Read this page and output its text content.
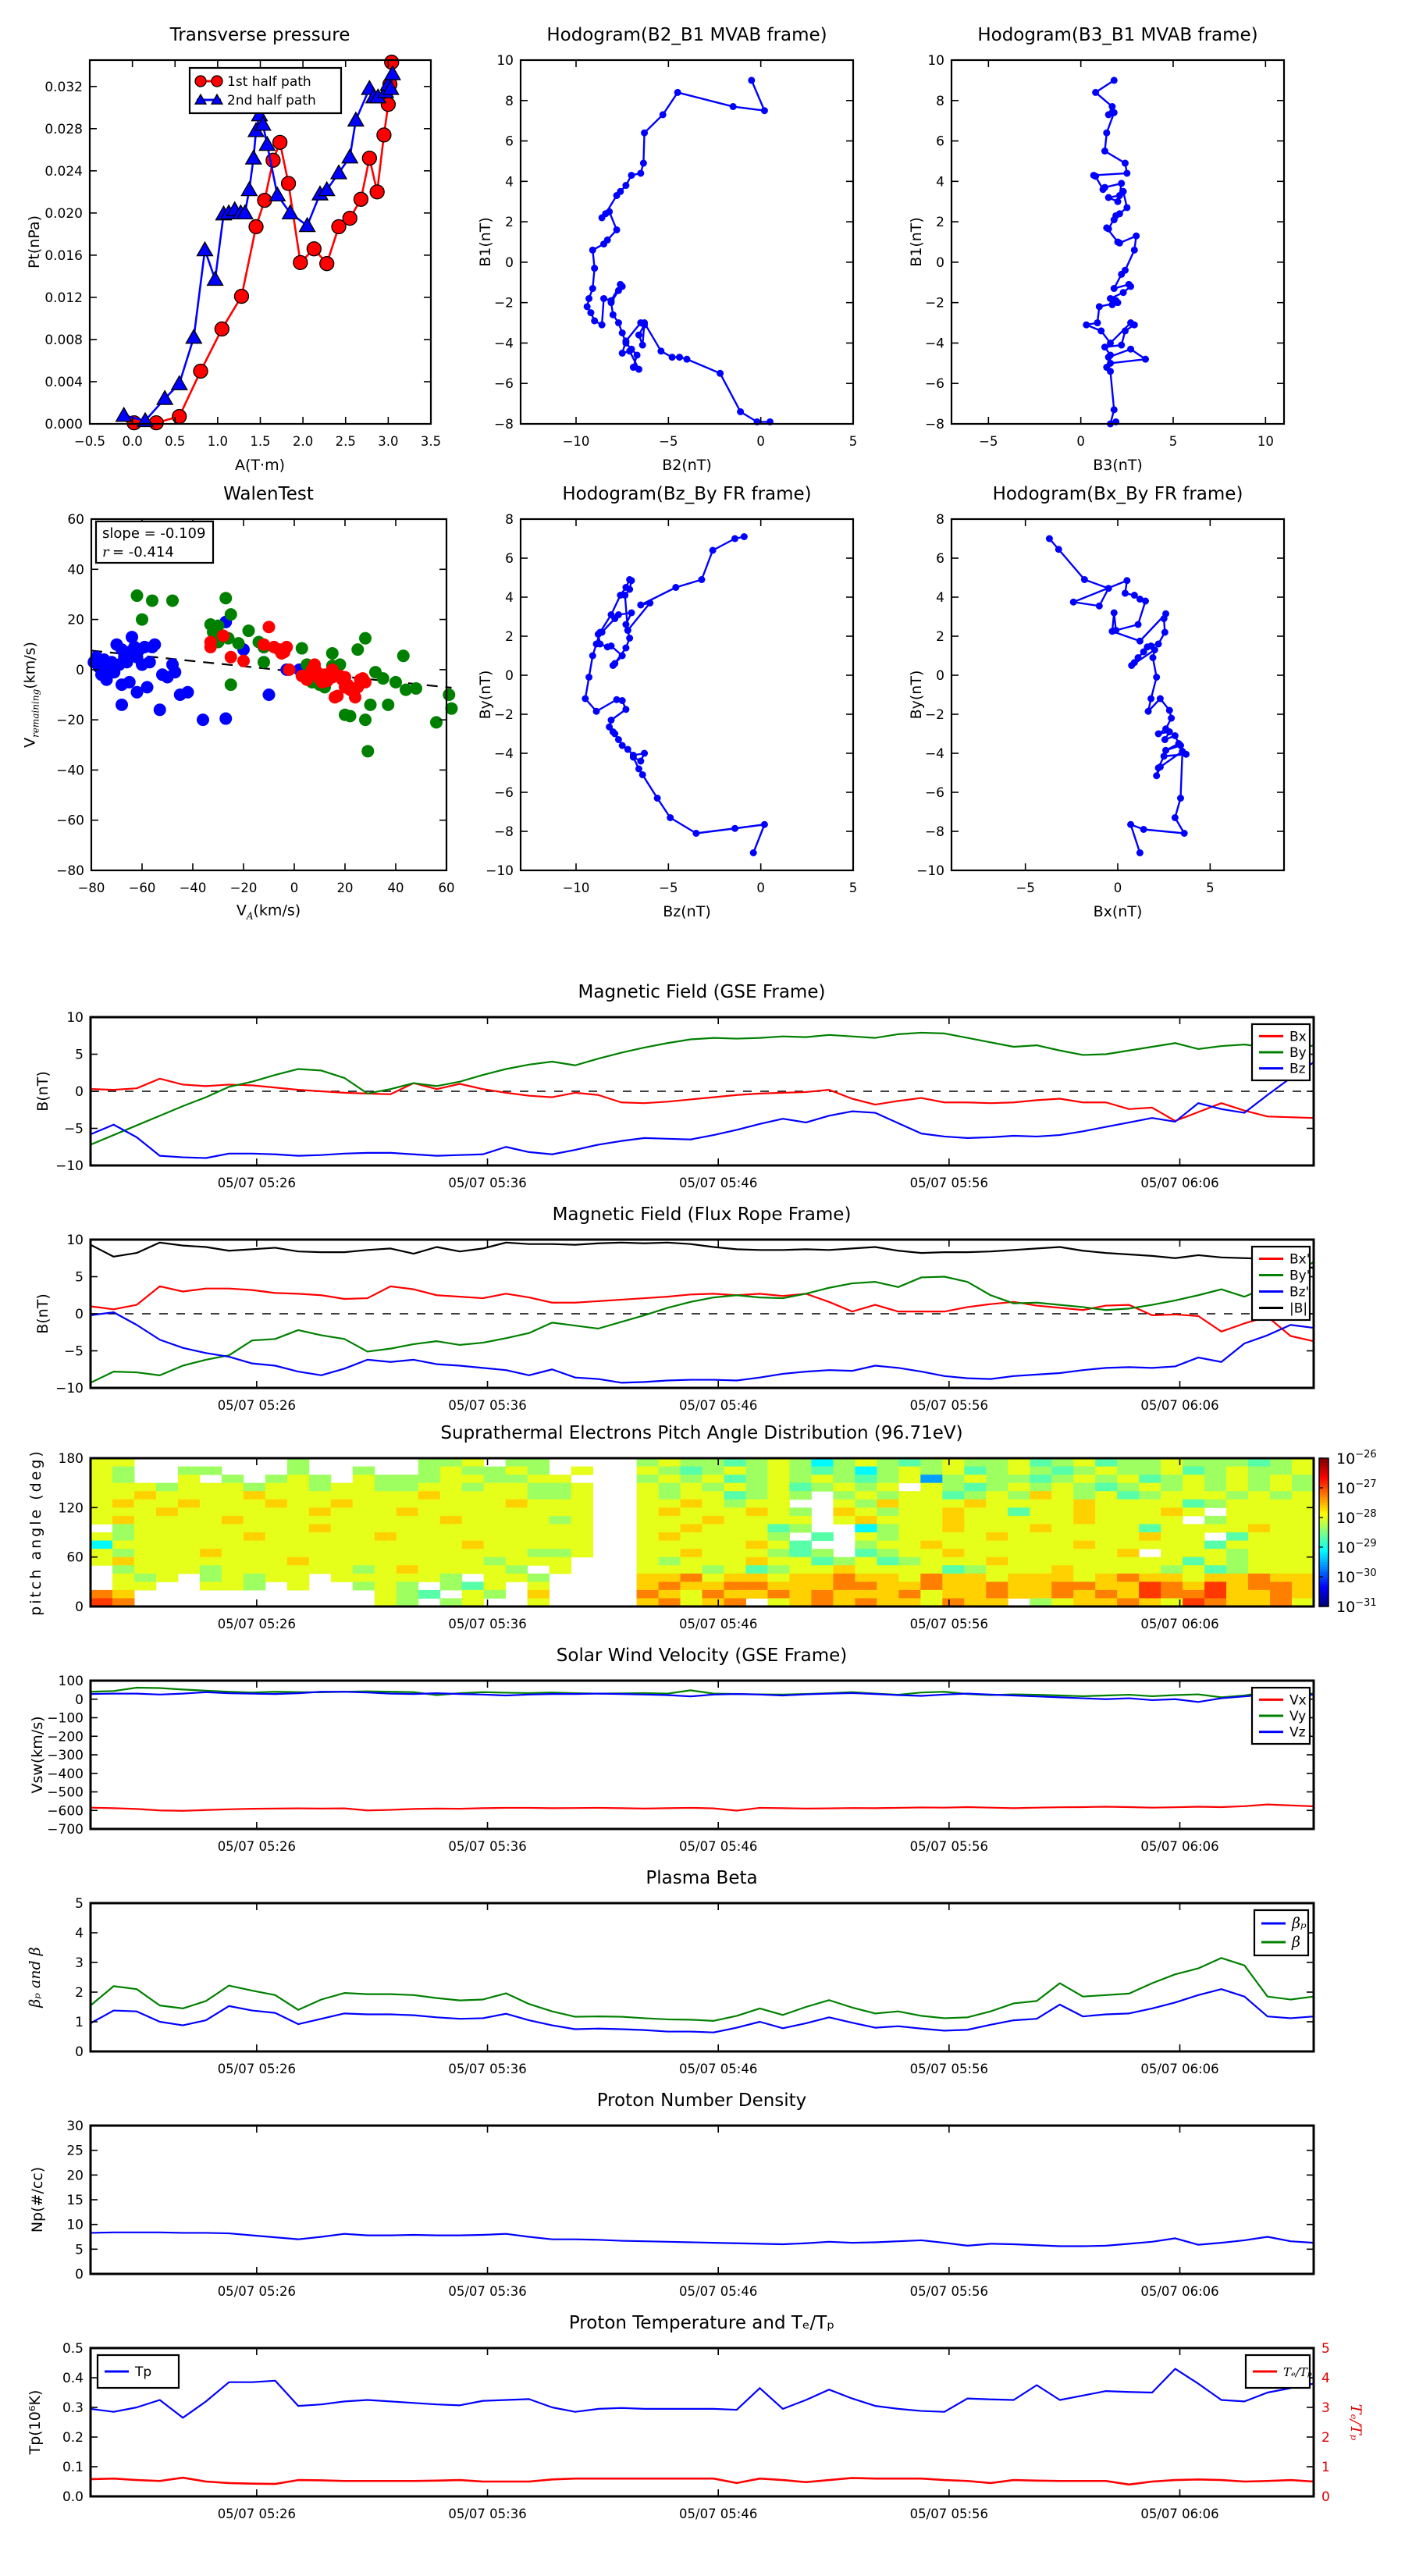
−0.5 0.0 0.5 1.0 1.5 2.0 2.5 3.0 3.5
0.000
0.004
0.008
0.012
0.016
0.020
0.024
0.028
0.032	1st half path
2nd half path
−10	−5	0	5
−8
−6
−4
−2
0
2
4
6
8
10
−5	0	5	10
−8
−6
−4
−2
0
2
4
6
8
10
−80 −60 −40 −20	0	20	40	60
−80
−60
−40
−20
0
20
40
60
slope = -0.109
r = -0.414
−10	−5	0	5
−10
−8
−6
−4
−2
0
2
4
6
8
−5	0	5
−10
−8
−6
−4
−2
0
2
4
6
8
05/07 05:26	05/07 05:36	05/07 05:46	05/07 05:56	05/07 06:06
−10
−5
0
5
10
Bx
By
Bz
05/07 05:26	05/07 05:36	05/07 05:46	05/07 05:56	05/07 06:06
−10
−5
0
5
10
Bx'
By'
Bz'
|B|
$10^{-26}$
$10^{-27}$
$10^{-28}$
$10^{-29}$
$10^{-30}$
$10^{-31}$
05/07 05:26	05/07 05:36	05/07 05:46	05/07 05:56	05/07 06:06
0
60
120
180
05/07 05:26	05/07 05:36	05/07 05:46	05/07 05:56	05/07 06:06
100
0
−100
−200
−300
−400
−500
−600
−700
Vx
Vy
Vz
05/07 05:26	05/07 05:36	05/07 05:46	05/07 05:56	05/07 06:06
0
1
2
3
4
5
βₚ
β
05/07 05:26	05/07 05:36	05/07 05:46	05/07 05:56	05/07 06:06
0
5
10
15
20
25
30
05/07 05:26	05/07 05:36	05/07 05:46	05/07 05:56	05/07 06:06
0.0
0.1
0.2
0.3
0.4
0.5
0
1
2
3
4
5
Tp	Tₑ/Tₚ
Transverse pressure	Hodogram(B2_B1 MVAB frame)	Hodogram(B3_B1 MVAB frame)
WalenTest	Hodogram(Bz_By FR frame)	Hodogram(Bx_By FR frame)
Magnetic Field (GSE Frame)
Magnetic Field (Flux Rope Frame)
Suprathermal Electrons Pitch Angle Distribution (96.71eV)
Solar Wind Velocity (GSE Frame)
Plasma Beta
Proton Number Density
Proton Temperature and Tₑ/Tₚ
A(T·m)	B2(nT)	B3(nT)
Bz(nT)	Bx(nT)
Pt(nPa)	B1(nT)	B1(nT)
By(nT)	By(nT)
B(nT)
B(nT)
pitch angle (deg)
Vsw(km/s)
βₚ and β
Np(#/cc)
Tp(10⁶K)	Tₑ/Tₚ
$V_A(km/s)$
$V_{remaining}(km/s)$
